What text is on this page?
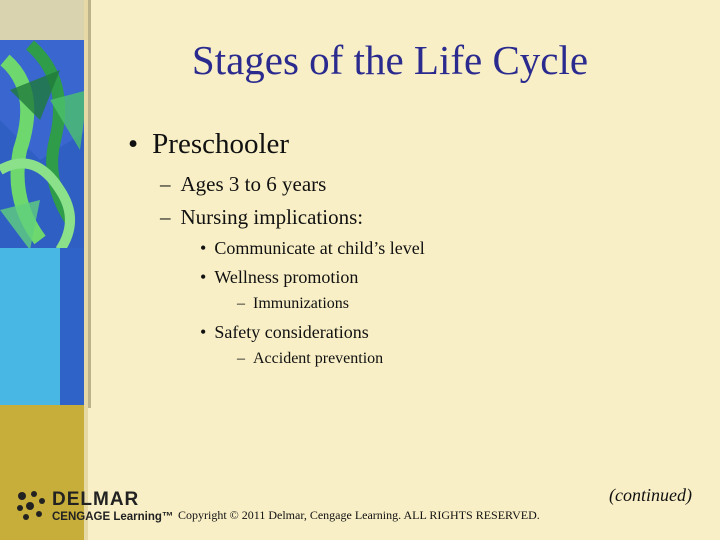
Stages of the Life Cycle
• Preschooler
– Ages 3 to 6 years
– Nursing implications:
• Communicate at child’s level
• Wellness promotion
– Immunizations
• Safety considerations
– Accident prevention
DELMAR
CENGAGE Learning™ Copyright © 2011 Delmar, Cengage Learning. ALL RIGHTS RESERVED.
(continued)
